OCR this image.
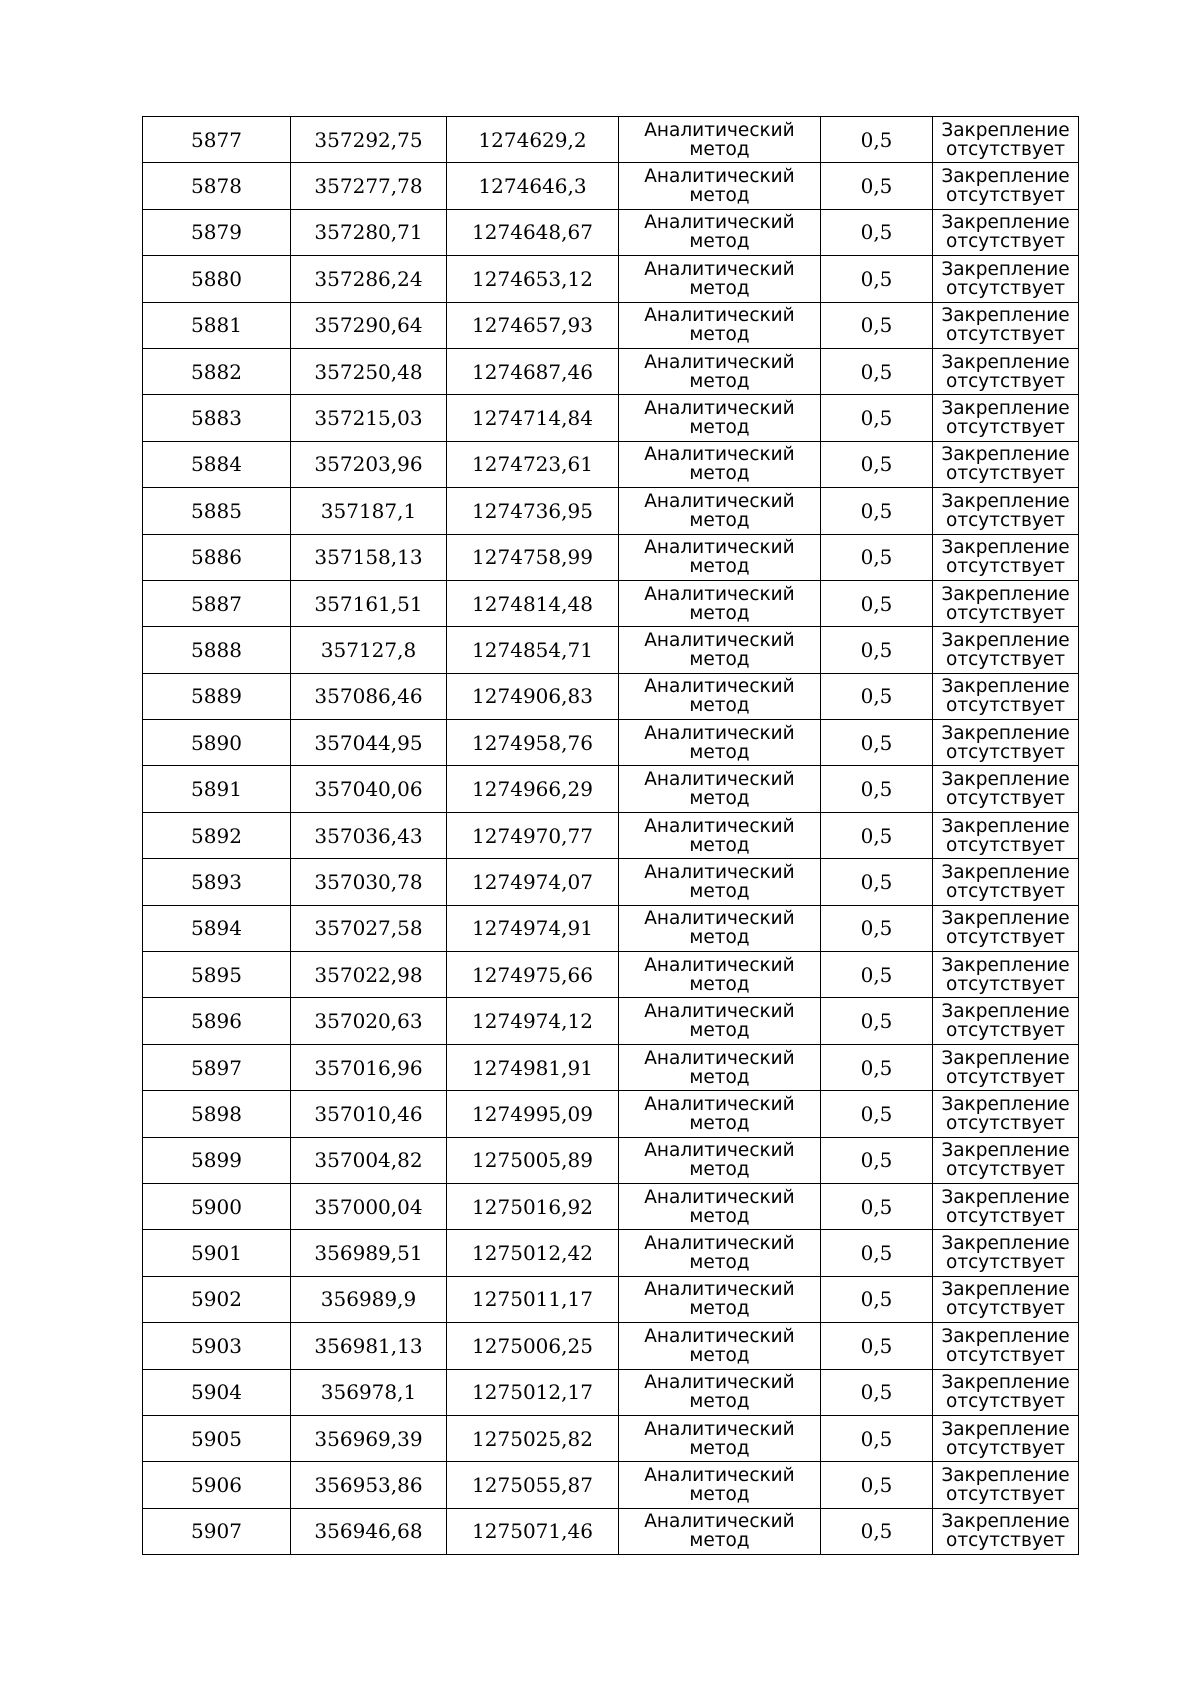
5877	357292,75	1274629,2	Аналитический
метод	0,5	Закрепление
отсутствует

5878	357277,78	1274646,3	Аналитический
метод	0,5	Закрепление
отсутствует

5879	357280,71	1274648,67	Аналитический
метод	0,5	Закрепление
отсутствует

5880	357286,24	1274653,12	Аналитический
метод	0,5	Закрепление
отсутствует

5881	357290,64	1274657,93	Аналитический
метод	0,5	Закрепление
отсутствует

5882	357250,48	1274687,46	Аналитический
метод	0,5	Закрепление
отсутствует

5883	357215,03	1274714,84	Аналитический
метод	0,5	Закрепление
отсутствует

5884	357203,96	1274723,61	Аналитический
метод	0,5	Закрепление
отсутствует

5885	357187,1	1274736,95	Аналитический
метод	0,5	Закрепление
отсутствует

5886	357158,13	1274758,99	Аналитический
метод	0,5	Закрепление
отсутствует

5887	357161,51	1274814,48	Аналитический
метод	0,5	Закрепление
отсутствует

5888	357127,8	1274854,71	Аналитический
метод	0,5	Закрепление
отсутствует

5889	357086,46	1274906,83	Аналитический
метод	0,5	Закрепление
отсутствует

5890	357044,95	1274958,76	Аналитический
метод	0,5	Закрепление
отсутствует

5891	357040,06	1274966,29	Аналитический
метод	0,5	Закрепление
отсутствует

5892	357036,43	1274970,77	Аналитический
метод	0,5	Закрепление
отсутствует

5893	357030,78	1274974,07	Аналитический
метод	0,5	Закрепление
отсутствует

5894	357027,58	1274974,91	Аналитический
метод	0,5	Закрепление
отсутствует

5895	357022,98	1274975,66	Аналитический
метод	0,5	Закрепление
отсутствует

5896	357020,63	1274974,12	Аналитический
метод	0,5	Закрепление
отсутствует

5897	357016,96	1274981,91	Аналитический
метод	0,5	Закрепление
отсутствует

5898	357010,46	1274995,09	Аналитический
метод	0,5	Закрепление
отсутствует

5899	357004,82	1275005,89	Аналитический
метод	0,5	Закрепление
отсутствует

5900	357000,04	1275016,92	Аналитический
метод	0,5	Закрепление
отсутствует

5901	356989,51	1275012,42	Аналитический
метод	0,5	Закрепление
отсутствует

5902	356989,9	1275011,17	Аналитический
метод	0,5	Закрепление
отсутствует

5903	356981,13	1275006,25	Аналитический
метод	0,5	Закрепление
отсутствует

5904	356978,1	1275012,17	Аналитический
метод	0,5	Закрепление
отсутствует

5905	356969,39	1275025,82	Аналитический
метод	0,5	Закрепление
отсутствует

5906	356953,86	1275055,87	Аналитический
метод	0,5	Закрепление
отсутствует

5907	356946,68	1275071,46	Аналитический
метод	0,5	Закрепление
отсутствует
